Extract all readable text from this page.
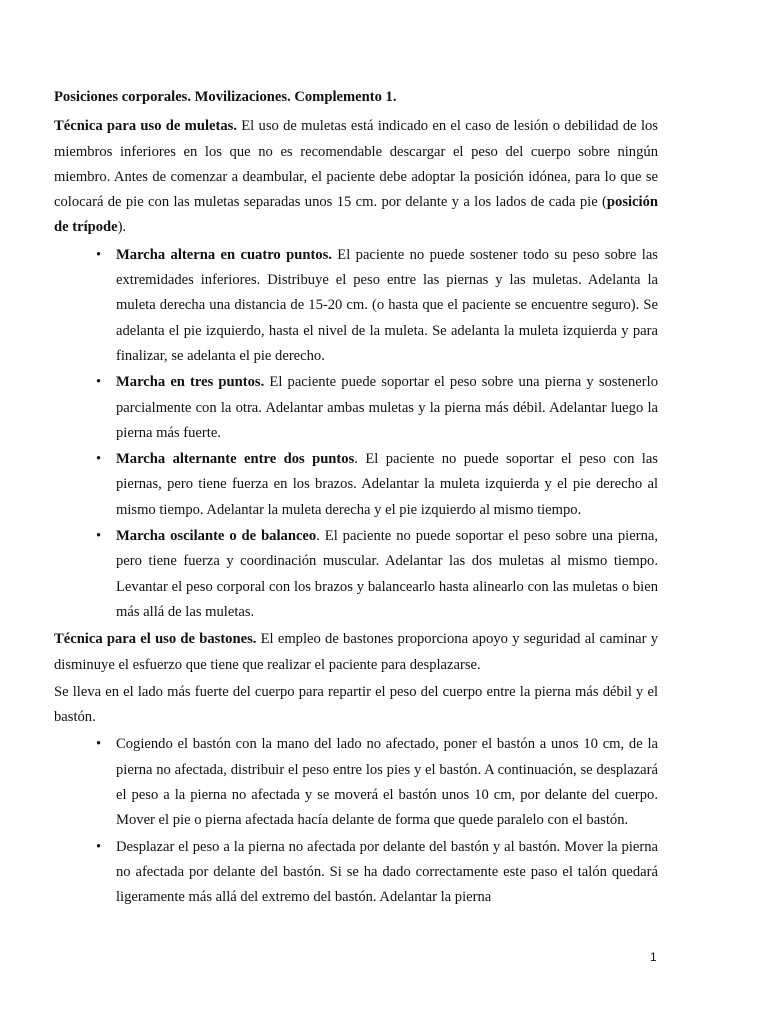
Posiciones corporales. Movilizaciones. Complemento 1.

Técnica para uso de muletas. El uso de muletas está indicado en el caso de lesión o debilidad de los miembros inferiores en los que no es recomendable descargar el peso del cuerpo sobre ningún miembro. Antes de comenzar a deambular, el paciente debe adoptar la posición idónea, para lo que se colocará de pie con las muletas separadas unos 15 cm. por delante y a los lados de cada pie (posición de trípode).

• Marcha alterna en cuatro puntos. El paciente no puede sostener todo su peso sobre las extremidades inferiores. Distribuye el peso entre las piernas y las muletas. Adelanta la muleta derecha una distancia de 15-20 cm. (o hasta que el paciente se encuentre seguro). Se adelanta el pie izquierdo, hasta el nivel de la muleta. Se adelanta la muleta izquierda y para finalizar, se adelanta el pie derecho.
• Marcha en tres puntos. El paciente puede soportar el peso sobre una pierna y sostenerlo parcialmente con la otra. Adelantar ambas muletas y la pierna más débil. Adelantar luego la pierna más fuerte.
• Marcha alternante entre dos puntos. El paciente no puede soportar el peso con las piernas, pero tiene fuerza en los brazos. Adelantar la muleta izquierda y el pie derecho al mismo tiempo. Adelantar la muleta derecha y el pie izquierdo al mismo tiempo.
• Marcha oscilante o de balanceo. El paciente no puede soportar el peso sobre una pierna, pero tiene fuerza y coordinación muscular. Adelantar las dos muletas al mismo tiempo. Levantar el peso corporal con los brazos y balancearlo hasta alinearlo con las muletas o bien más allá de las muletas.

Técnica para el uso de bastones. El empleo de bastones proporciona apoyo y seguridad al caminar y disminuye el esfuerzo que tiene que realizar el paciente para desplazarse.

Se lleva en el lado más fuerte del cuerpo para repartir el peso del cuerpo entre la pierna más débil y el bastón.

• Cogiendo el bastón con la mano del lado no afectado, poner el bastón a unos 10 cm, de la pierna no afectada, distribuir el peso entre los pies y el bastón. A continuación, se desplazará el peso a la pierna no afectada y se moverá el bastón unos 10 cm, por delante del cuerpo. Mover el pie o pierna afectada hacía delante de forma que quede paralelo con el bastón.
• Desplazar el peso a la pierna no afectada por delante del bastón y al bastón. Mover la pierna no afectada por delante del bastón. Si se ha dado correctamente este paso el talón quedará ligeramente más allá del extremo del bastón. Adelantar la pierna
1
